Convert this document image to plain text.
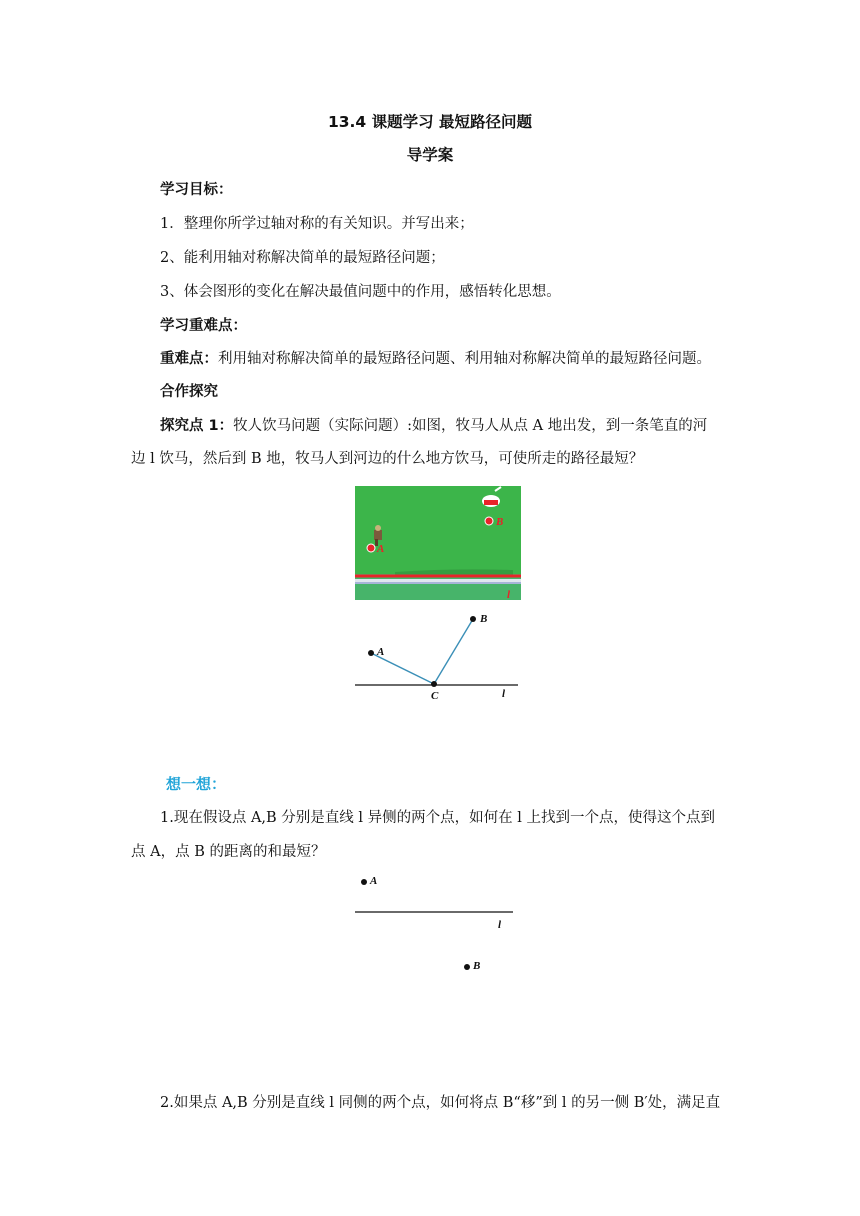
13.4 课题学习 最短路径问题
导学案
学习目标：
1．整理你所学过轴对称的有关知识。并写出来；
2、能利用轴对称解决简单的最短路径问题；
3、体会图形的变化在解决最值问题中的作用，感悟转化思想。
学习重难点：
重难点：利用轴对称解决简单的最短路径问题、利用轴对称解决简单的最短路径问题。
合作探究
探究点 1：牧人饮马问题（实际问题）:如图，牧马人从点 A 地出发，到一条笔直的河
边 l 饮马，然后到 B 地，牧马人到河边的什么地方饮马，可使所走的路径最短？
l
A
B
A
B
C	l
想一想：
1.现在假设点 A,B 分别是直线 l 异侧的两个点，如何在 l 上找到一个点，使得这个点到
点 A，点 B 的距离的和最短？
A
B
l
2.如果点 A,B 分别是直线 l 同侧的两个点，如何将点 B“移”到 l 的另一侧 B′处，满足直
